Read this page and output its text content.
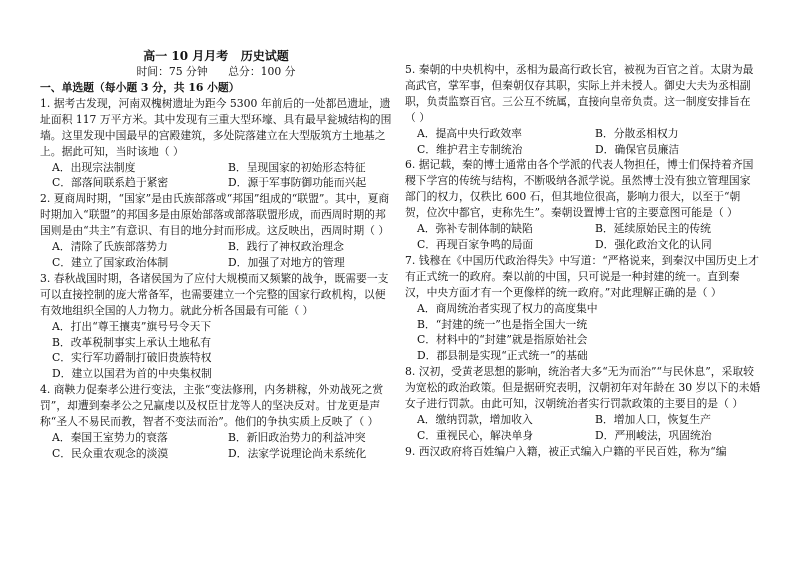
高一 10 月月考   历史试题
时间：75 分钟      总分：100 分
一、单选题（每小题 3 分，共 16 小题）

1. 据考古发现，河南双槐树遗址为距今 5300 年前后的一处都邑遗址，遗址面积 117 万平方米。其中发现有三重大型环壕、具有最早瓮城结构的围墙。这里发现中国最早的宫殿建筑，多处院落建立在大型版筑方土地基之上。据此可知，当时该地（ ）

A．出现宗法制度	B．呈现国家的初始形态特征
C．部落间联系趋于紧密	D．源于军事防御功能而兴起

2. 夏商周时期，“国家”是由氏族部落或“邦国”组成的“联盟”。其中，夏商时期加入“联盟”的邦国多是由原始部落或部落联盟形成，而西周时期的邦国则是由“共主”有意识、有目的地分封而形成。这反映出，西周时期（ ）

A．清除了氏族部落势力	B．践行了神权政治理念
C．建立了国家政治体制	D．加强了对地方的管理

3. 春秋战国时期，各诸侯国为了应付大规模而又频繁的战争，既需要一支可以直接控制的庞大常备军，也需要建立一个完整的国家行政机构，以便有效地组织全国的人力物力。就此分析各国最有可能（ ）

A．打出“尊王攘夷”旗号号令天下
B．改革税制事实上承认土地私有
C．实行军功爵制打破旧贵族特权
D．建立以国君为首的中央集权制

4. 商鞅力促秦孝公进行变法，主张“变法修刑，内务耕稼，外劝战死之赏罚”，却遭到秦孝公之兄赢虔以及权臣甘龙等人的坚决反对。甘龙更是声称“圣人不易民而教，智者不变法而治”。他们的争执实质上反映了（ ）

A．秦国王室势力的衰落	B．新旧政治势力的利益冲突
C．民众重农观念的淡漠	D．法家学说理论尚未系统化

5. 秦朝的中央机构中，丞相为最高行政长官，被视为百官之首。太尉为最高武官，掌军事，但秦朝仅存其职，实际上并未授人。御史大夫为丞相副职，负责监察百官。三公互不统属，直接向皇帝负责。这一制度安排旨在（ ）

A．提高中央行政效率	B．分散丞相权力
C．维护君主专制统治	D．确保官员廉洁

6. 据记载，秦的博士通常由各个学派的代表人物担任，博士们保持着齐国稷下学宫的传统与结构，不断吸纳各派学说。虽然博士没有独立管理国家部门的权力，仅秩比 600 石，但其地位很高，影响力很大，以至于“朝贺，位次中都官，吏称先生”。秦朝设置博士官的主要意图可能是（ ）

A．弥补专制体制的缺陷	B．延续原始民主的传统
C．再现百家争鸣的局面	D．强化政治文化的认同

7. 钱穆在《中国历代政治得失》中写道：“严格说来，到秦汉中国历史上才有正式统一的政府。秦以前的中国，只可说是一种封建的统一。直到秦汉，中央方面才有一个更像样的统一政府。”对此理解正确的是（ ）

A．商周统治者实现了权力的高度集中
B．“封建的统一”也是指全国大一统
C．材料中的“封建”就是指原始社会
D．郡县制是实现“正式统一”的基础

8. 汉初，受黄老思想的影响，统治者大多“无为而治”“与民休息”，采取较为宽松的政治政策。但是据研究表明，汉朝初年对年龄在 30 岁以下的未婚女子进行罚款。由此可知，汉朝统治者实行罚款政策的主要目的是（ ）

A．缴纳罚款，增加收入	B．增加人口，恢复生产
C．重视民心，解决单身	D．严刑峻法，巩固统治

9. 西汉政府将百姓编户入籍，被正式编入户籍的平民百姓，称为“编
